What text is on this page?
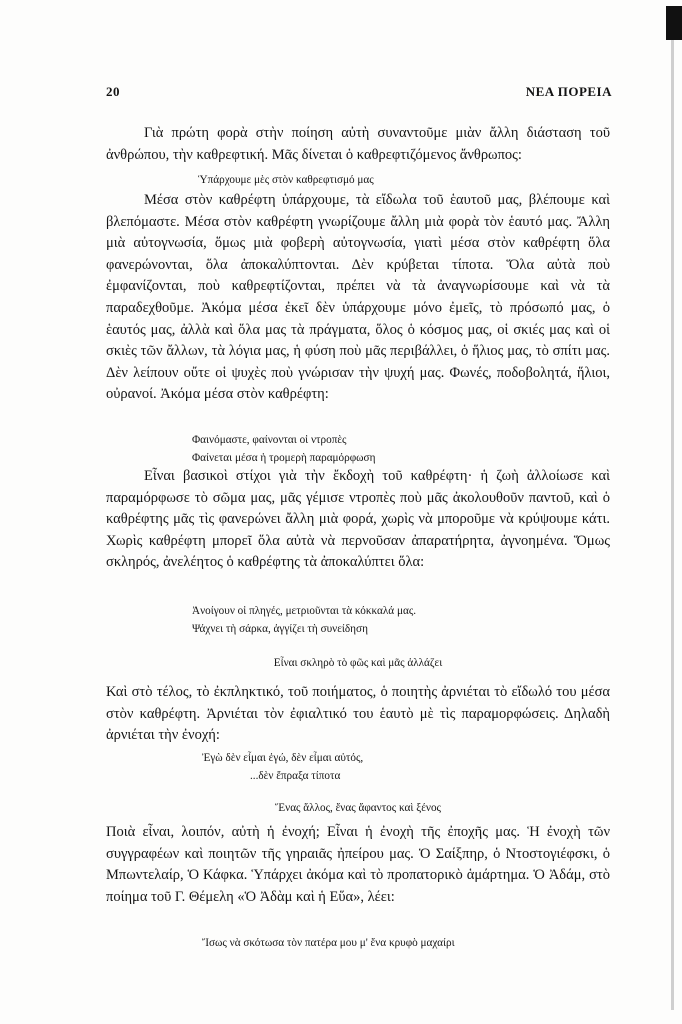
20	ΝΕΑ ΠΟΡΕΙΑ

Γιὰ πρώτη φορὰ στὴν ποίηση αὐτὴ συναντοῦμε μιὰν ἄλλη διάσταση τοῦ ἀνθρώπου, τὴν καθρεφτική. Μᾶς δίνεται ὁ καθρεφτιζόμενος ἄνθρωπος:

Ὑπάρχουμε μὲς στὸν καθρεφτισμό μας

Μέσα στὸν καθρέφτη ὑπάρχουμε, τὰ εἴδωλα τοῦ ἑαυτοῦ μας, βλέπουμε καὶ βλεπόμαστε. Μέσα στὸν καθρέφτη γνωρίζουμε ἄλλη μιὰ φορὰ τὸν ἑαυτό μας. Ἄλλη μιὰ αὐτογνωσία, ὅμως μιὰ φοβερὴ αὐτογνωσία, γιατὶ μέσα στὸν καθρέφτη ὅλα φανερώνονται, ὅλα ἀποκαλύπτονται. Δὲν κρύβεται τίποτα. Ὅλα αὐτὰ ποὺ ἐμφανίζονται, ποὺ καθρεφτίζονται, πρέπει νὰ τὰ ἀναγνωρίσουμε καὶ νὰ τὰ παραδεχθοῦμε. Ἀκόμα μέσα ἐκεῖ δὲν ὑπάρχουμε μόνο ἐμεῖς, τὸ πρόσωπό μας, ὁ ἑαυτός μας, ἀλλὰ καὶ ὅλα μας τὰ πράγματα, ὅλος ὁ κόσμος μας, οἱ σκιές μας καὶ οἱ σκιὲς τῶν ἄλλων, τὰ λόγια μας, ἡ φύση ποὺ μᾶς περιβάλλει, ὁ ἥλιος μας, τὸ σπίτι μας. Δὲν λείπουν οὔτε οἱ ψυχὲς ποὺ γνώρισαν τὴν ψυχή μας. Φωνές, ποδοβολητά, ἥλιοι, οὐρανοί. Ἀκόμα μέσα στὸν καθρέφτη:

Φαινόμαστε, φαίνονται οἱ ντροπὲς
Φαίνεται μέσα ἡ τρομερὴ παραμόρφωση

Εἶναι βασικοὶ στίχοι γιὰ τὴν ἔκδοχὴ τοῦ καθρέφτη· ἡ ζωὴ ἀλλοίωσε καὶ παραμόρφωσε τὸ σῶμα μας, μᾶς γέμισε ντροπὲς ποὺ μᾶς ἀκολουθοῦν παντοῦ, καὶ ὁ καθρέφτης μᾶς τὶς φανερώνει ἄλλη μιὰ φορά, χωρὶς νὰ μποροῦμε νὰ κρύψουμε κάτι. Χωρὶς καθρέφτη μπορεῖ ὅλα αὐτὰ νὰ περνοῦσαν ἀπαρατήρητα, ἀγνοημένα. Ὅμως σκληρός, ἀνελέητος ὁ καθρέφτης τὰ ἀποκαλύπτει ὅλα:

Ἀνοίγουν οἱ πληγές, μετριοῦνται τὰ κόκκαλά μας.
Ψάχνει τὴ σάρκα, ἀγγίζει τὴ συνείδηση
Εἶναι σκληρὸ τὸ φῶς καὶ μᾶς ἀλλάζει

Καὶ στὸ τέλος, τὸ ἐκπληκτικό, τοῦ ποιήματος, ὁ ποιητὴς ἀρνιέται τὸ εἴδωλό του μέσα στὸν καθρέφτη. Ἀρνιέται τὸν ἐφιαλτικό του ἑαυτὸ μὲ τὶς παραμορφώσεις. Δηλαδὴ ἀρνιέται τὴν ἐνοχή:

Ἐγὼ δὲν εἶμαι ἐγώ, δὲν εἶμαι αὐτός,
...δὲν ἔπραξα τίποτα
Ἕνας ἄλλος, ἕνας ἄφαντος καὶ ξένος

Ποιὰ εἶναι, λοιπόν, αὐτὴ ἡ ἐνοχή; Εἶναι ἡ ἐνοχὴ τῆς ἐποχῆς μας. Ἡ ἐνοχὴ τῶν συγγραφέων καὶ ποιητῶν τῆς γηραιᾶς ἠπείρου μας. Ὁ Σαίξπηρ, ὁ Ντοστογιέφσκι, ὁ Μπωντελαίρ, Ὁ Κάφκα. Ὑπάρχει ἀκόμα καὶ τὸ προπατορικὸ ἁμάρτημα. Ὁ Ἀδάμ, στὸ ποίημα τοῦ Γ. Θέμελη «Ὁ Ἀδὰμ καὶ ἡ Εὕα», λέει:

Ἴσως νὰ σκότωσα τὸν πατέρα μου μ' ἕνα κρυφὸ μαχαίρι
